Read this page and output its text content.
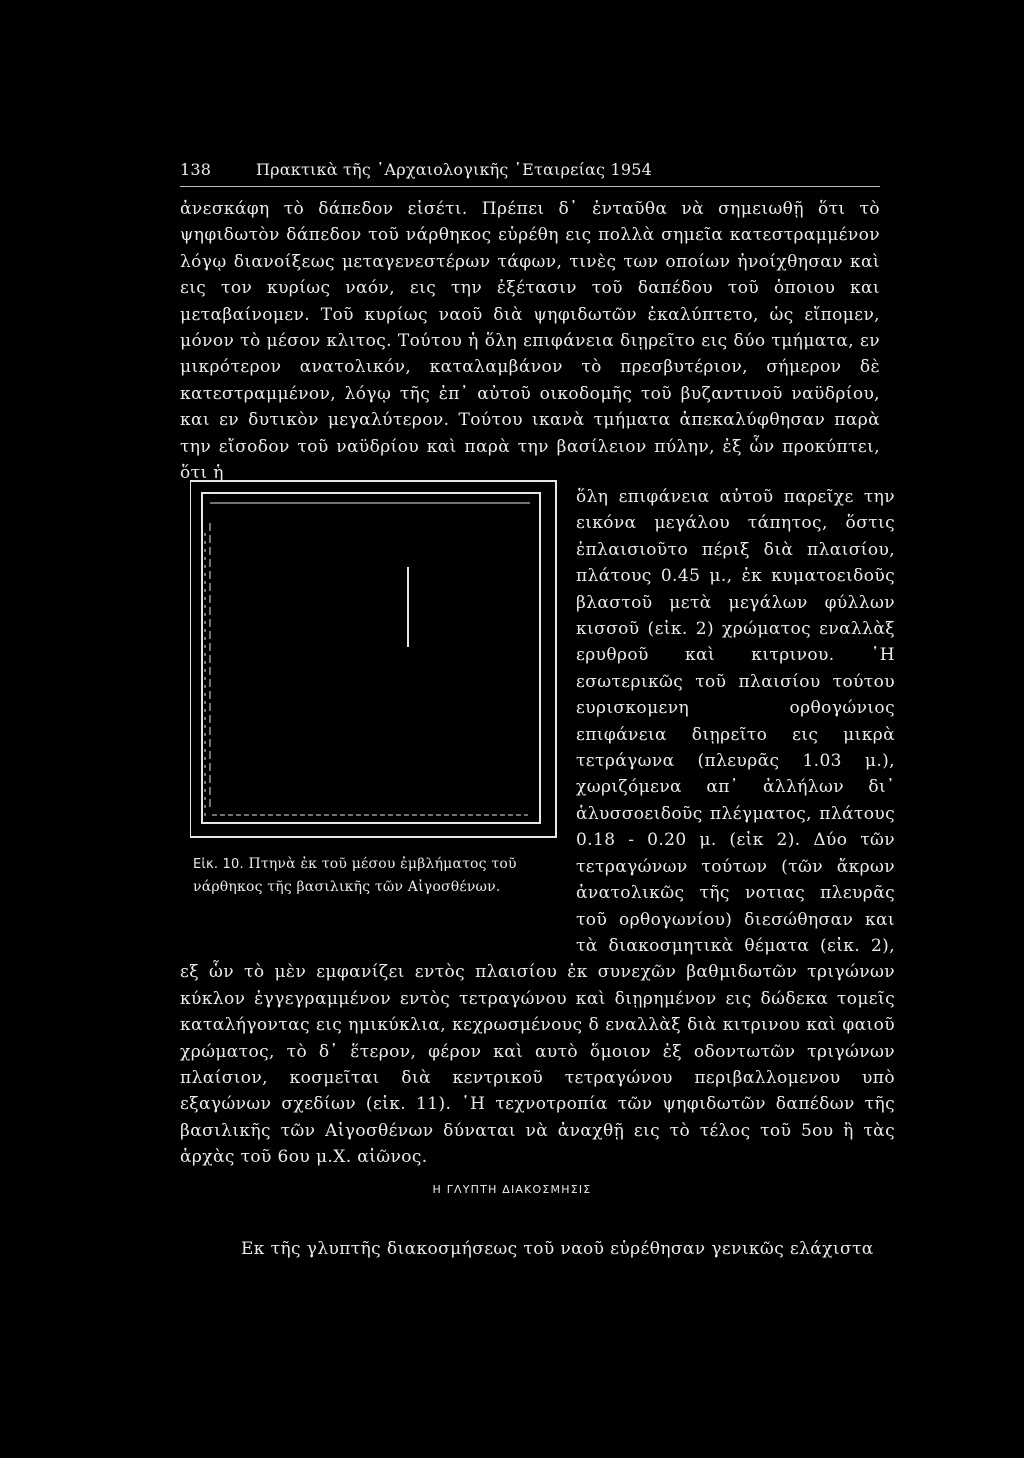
138	Πρακτικὰ τῆς ᾿Αρχαιολογικῆς ῾Εταιρείας 1954

ἀνεσκάφη τὸ δάπεδον εἰσέτι. Πρέπει δ᾿ ἐνταῦθα νὰ σημειωθῇ ὅτι τὸ ψηφιδωτὸν δάπεδον τοῦ νάρθηκος εὑρέθη εις πολλὰ σημεῖα κατεστραμμένον λόγῳ διανοίξεως μεταγενεστέρων τάφων, τινὲς των οποίων ἠνοίχθησαν καὶ εις τον κυρίως ναόν, εις την ἐξέτασιν τοῦ δαπέδου τοῦ ὁποιου και μεταβαίνομεν. Τοῦ κυρίως ναοῦ διὰ ψηφιδωτῶν ἐκαλύπτετο, ὡς εἴπομεν, μόνον τὸ μέσον κλιτος. Τούτου ἡ ὅλη επιφάνεια διῃρεῖτο εις δύο τμήματα, εν μικρότερον ανατολικόν, καταλαμβάνον τὸ πρεσβυτέριον, σήμερον δὲ κατεστραμμένον, λόγῳ τῆς ἐπ᾿ αὐτοῦ οικοδομῆς τοῦ βυζαντινοῦ ναϋδρίου, και εν δυτικὸν μεγαλύτερον. Τούτου ικανὰ τμήματα ἀπεκαλύφθησαν παρὰ την εἴσοδον τοῦ ναϋδρίου καὶ παρὰ την βασίλειον πύλην, ἐξ ὧν προκύπτει, ὅτι ἡ

Εἰκ. 10. Πτηνὰ ἐκ τοῦ μέσου ἐμβλήματος τοῦ νάρθηκος τῆς βασιλικῆς τῶν Αἰγοσθένων.

ὅλη επιφάνεια αὐτοῦ παρεῖχε την εικόνα μεγάλου τάπητος, ὅστις ἐπλαισιοῦτο πέριξ διὰ πλαισίου, πλάτους 0.45 μ., ἐκ κυματοειδοῦς βλαστοῦ μετὰ μεγάλων φύλλων κισσοῦ (εἰκ. 2) χρώματος εναλλὰξ ερυθροῦ καὶ κιτρινου. ῾Η εσωτερικῶς τοῦ πλαισίου τούτου ευρισκομενη ορθογώνιος επιφάνεια διῃρεῖτο εις μικρὰ τετράγωνα (πλευρᾶς 1.03 μ.), χωριζόμενα απ᾿ ἀλλήλων δι᾿ ἁλυσσοειδοῦς πλέγματος, πλάτους 0.18 - 0.20 μ. (εἰκ 2). Δύο τῶν τετραγώνων τούτων (τῶν ἄκρων ἀνατολικῶς τῆς νοτιας πλευρᾶς τοῦ ορθογωνίου) διεσώθησαν και τὰ διακοσμητικὰ θέματα (εἰκ. 2), εξ ὧν τὸ μὲν εμφανίζει εντὸς πλαισίου ἐκ συνεχῶν βαθμιδωτῶν τριγώνων κύκλον ἐγγεγραμμένον εντὸς τετραγώνου καὶ διῃρημένον εις δώδεκα τομεῖς καταλήγοντας εις ημικύκλια, κεχρωσμένους δ εναλλὰξ διὰ κιτρινου καὶ φαιοῦ χρώματος, τὸ δ᾿ ἕτερον, φέρον καὶ αυτὸ ὅμοιον ἐξ οδοντωτῶν τριγώνων πλαίσιον, κοσμεῖται διὰ κεντρικοῦ τετραγώνου περιβαλλομενου υπὸ εξαγώνων σχεδίων (εἰκ. 11). ῾Η τεχνοτροπία τῶν ψηφιδωτῶν δαπέδων τῆς βασιλικῆς τῶν Αἰγοσθένων δύναται νὰ ἀναχθῇ εις τὸ τέλος τοῦ 5ου ἢ τὰς ἀρχὰς τοῦ 6ου μ.Χ. αἰῶνος.

Η ΓΛΥΠΤΗ ΔΙΑΚΟΣΜΗΣΙΣ

Εκ τῆς γλυπτῆς διακοσμήσεως τοῦ ναοῦ εὑρέθησαν γενικῶς ελάχιστα
